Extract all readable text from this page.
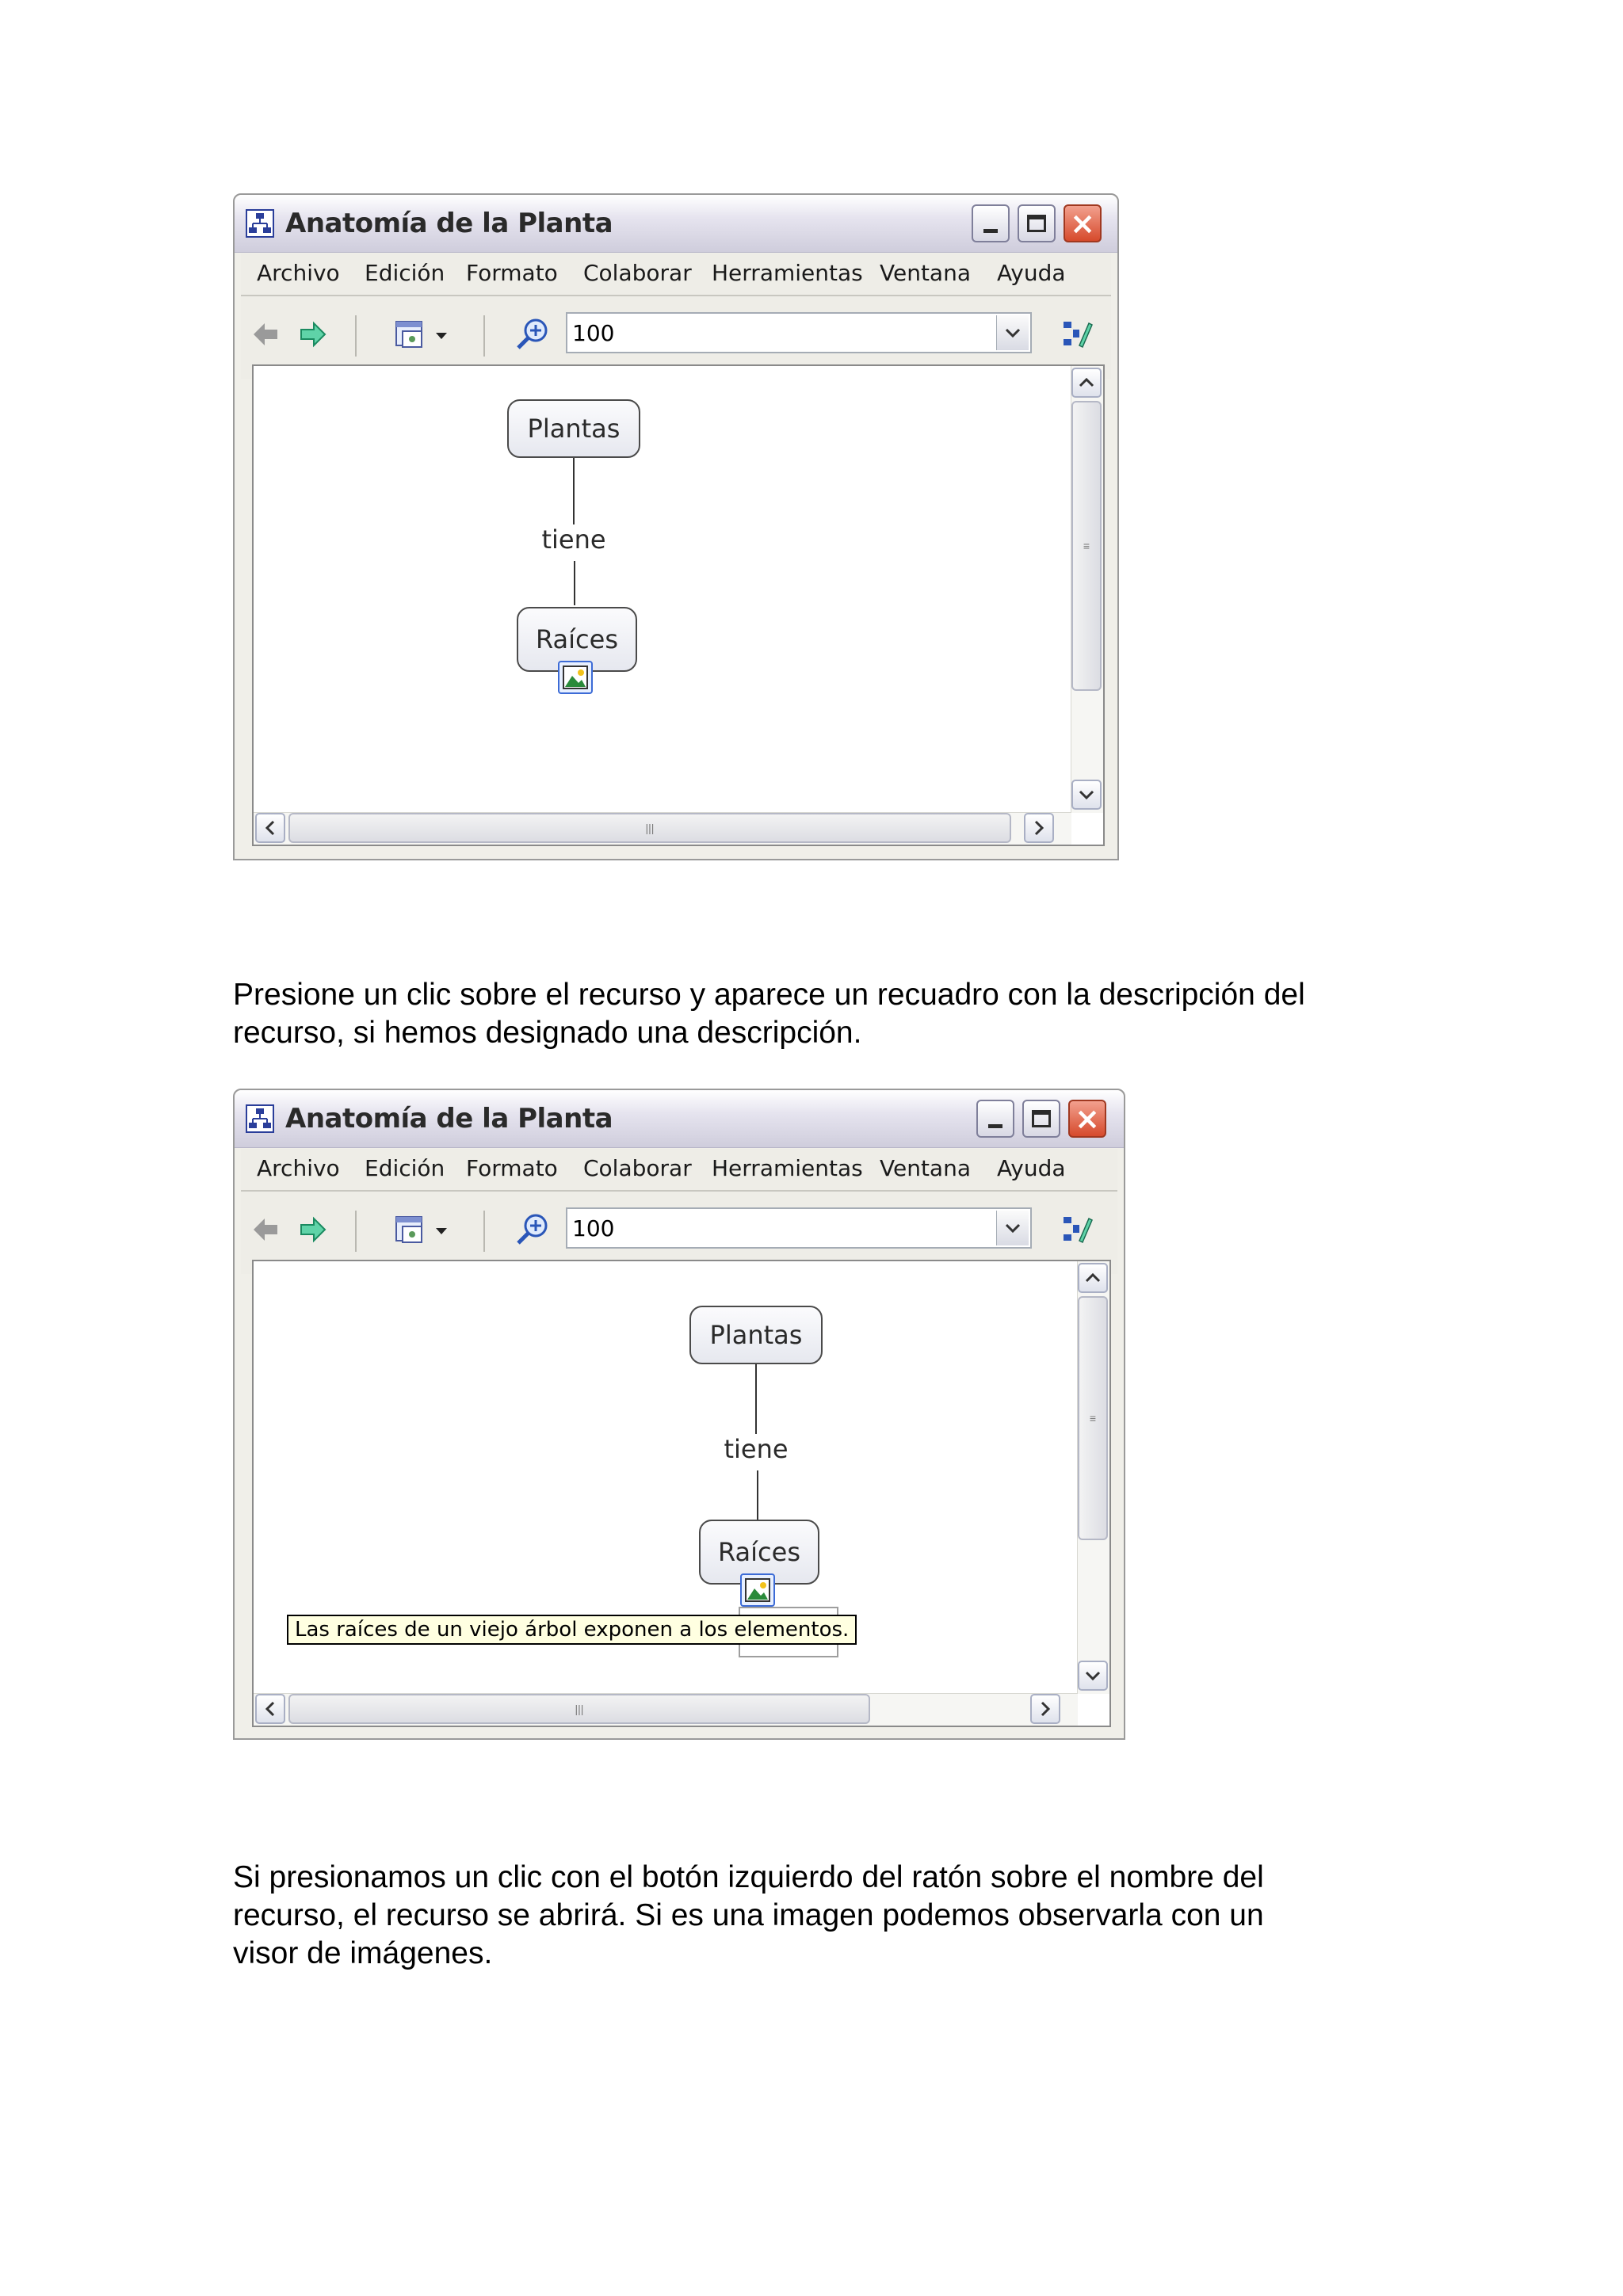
Anatomía de la Planta	×
Archivo Edición Formato Colaborar Herramientas Ventana Ayuda
100
Plantas
tiene
Raíces
≡
|||
Presione un clic sobre el recurso y aparece un recuadro con la descripción del
recurso, si hemos designado una descripción.
Anatomía de la Planta	×
Archivo Edición Formato Colaborar Herramientas Ventana Ayuda
100
Plantas
tiene
Raíces
Las raíces de un viejo árbol exponen a los elementos.
≡
|||
Si presionamos un clic con el botón izquierdo del ratón sobre el nombre del
recurso, el recurso se abrirá. Si es una imagen podemos observarla con un
visor de imágenes.
